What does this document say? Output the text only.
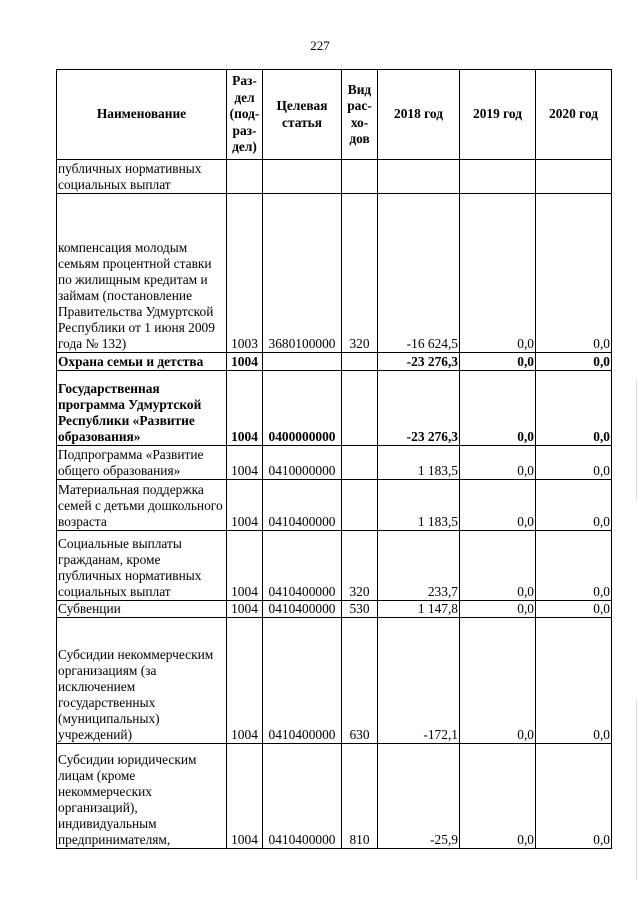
227
Наименование	Раз-
дел
(под-
раз-
дел)	Целевая
статья	Вид
рас-
хо-
дов	2018 год	2019 год	2020 год
публичных нормативных социальных выплат						
компенсация молодым семьям процентной ставки по жилищным кредитам и займам (постановление Правительства Удмуртской Республики от 1 июня 2009 года № 132)	1003	3680100000	320	-16 624,5	0,0	0,0
Охрана семьи и детства	1004			-23 276,3	0,0	0,0
Государственная программа Удмуртской Республики «Развитие образования»	1004	0400000000		-23 276,3	0,0	0,0
Подпрограмма «Развитие общего образования»	1004	0410000000		1 183,5	0,0	0,0
Материальная поддержка семей с детьми дошкольного возраста	1004	0410400000		1 183,5	0,0	0,0
Социальные выплаты гражданам, кроме публичных нормативных социальных выплат	1004	0410400000	320	233,7	0,0	0,0
Субвенции	1004	0410400000	530	1 147,8	0,0	0,0
Субсидии некоммерческим организациям (за исключением государственных (муниципальных) учреждений)	1004	0410400000	630	-172,1	0,0	0,0
Субсидии юридическим лицам (кроме некоммерческих организаций), индивидуальным предпринимателям,	1004	0410400000	810	-25,9	0,0	0,0
